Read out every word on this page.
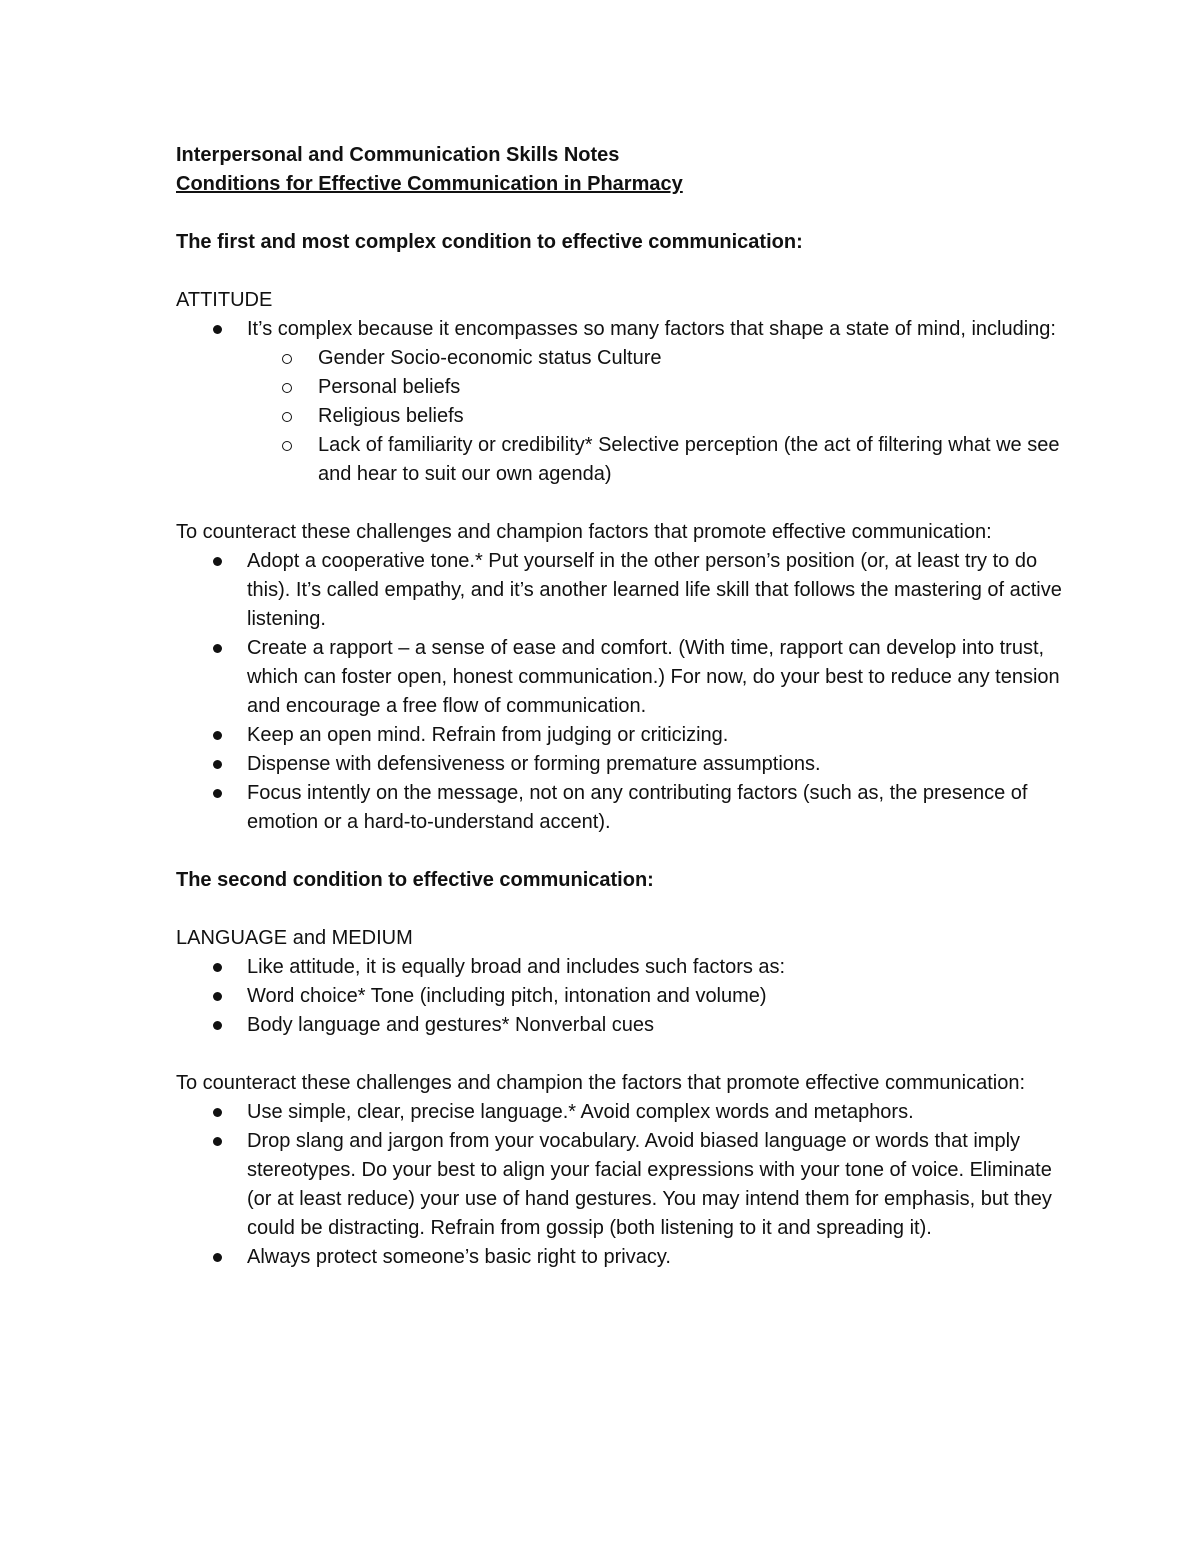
Interpersonal and Communication Skills Notes

Conditions for Effective Communication in Pharmacy

The first and most complex condition to effective communication:

ATTITUDE

It’s complex because it encompasses so many factors that shape a state of mind, including:
Gender Socio-economic status Culture
Personal beliefs
Religious beliefs
Lack of familiarity or credibility* Selective perception (the act of filtering what we see and hear to suit our own agenda)

To counteract these challenges and champion factors that promote effective communication:

Adopt a cooperative tone.* Put yourself in the other person’s position (or, at least try to do this). It’s called empathy, and it’s another learned life skill that follows the mastering of active listening.
Create a rapport – a sense of ease and comfort. (With time, rapport can develop into trust, which can foster open, honest communication.) For now, do your best to reduce any tension and encourage a free flow of communication.
Keep an open mind. Refrain from judging or criticizing.
Dispense with defensiveness or forming premature assumptions.
Focus intently on the message, not on any contributing factors (such as, the presence of emotion or a hard-to-understand accent).

The second condition to effective communication:

LANGUAGE and MEDIUM

Like attitude, it is equally broad and includes such factors as:
Word choice* Tone (including pitch, intonation and volume)
Body language and gestures* Nonverbal cues

To counteract these challenges and champion the factors that promote effective communication:

Use simple, clear, precise language.* Avoid complex words and metaphors.
Drop slang and jargon from your vocabulary. Avoid biased language or words that imply stereotypes. Do your best to align your facial expressions with your tone of voice. Eliminate (or at least reduce) your use of hand gestures. You may intend them for emphasis, but they could be distracting. Refrain from gossip (both listening to it and spreading it).
Always protect someone’s basic right to privacy.
